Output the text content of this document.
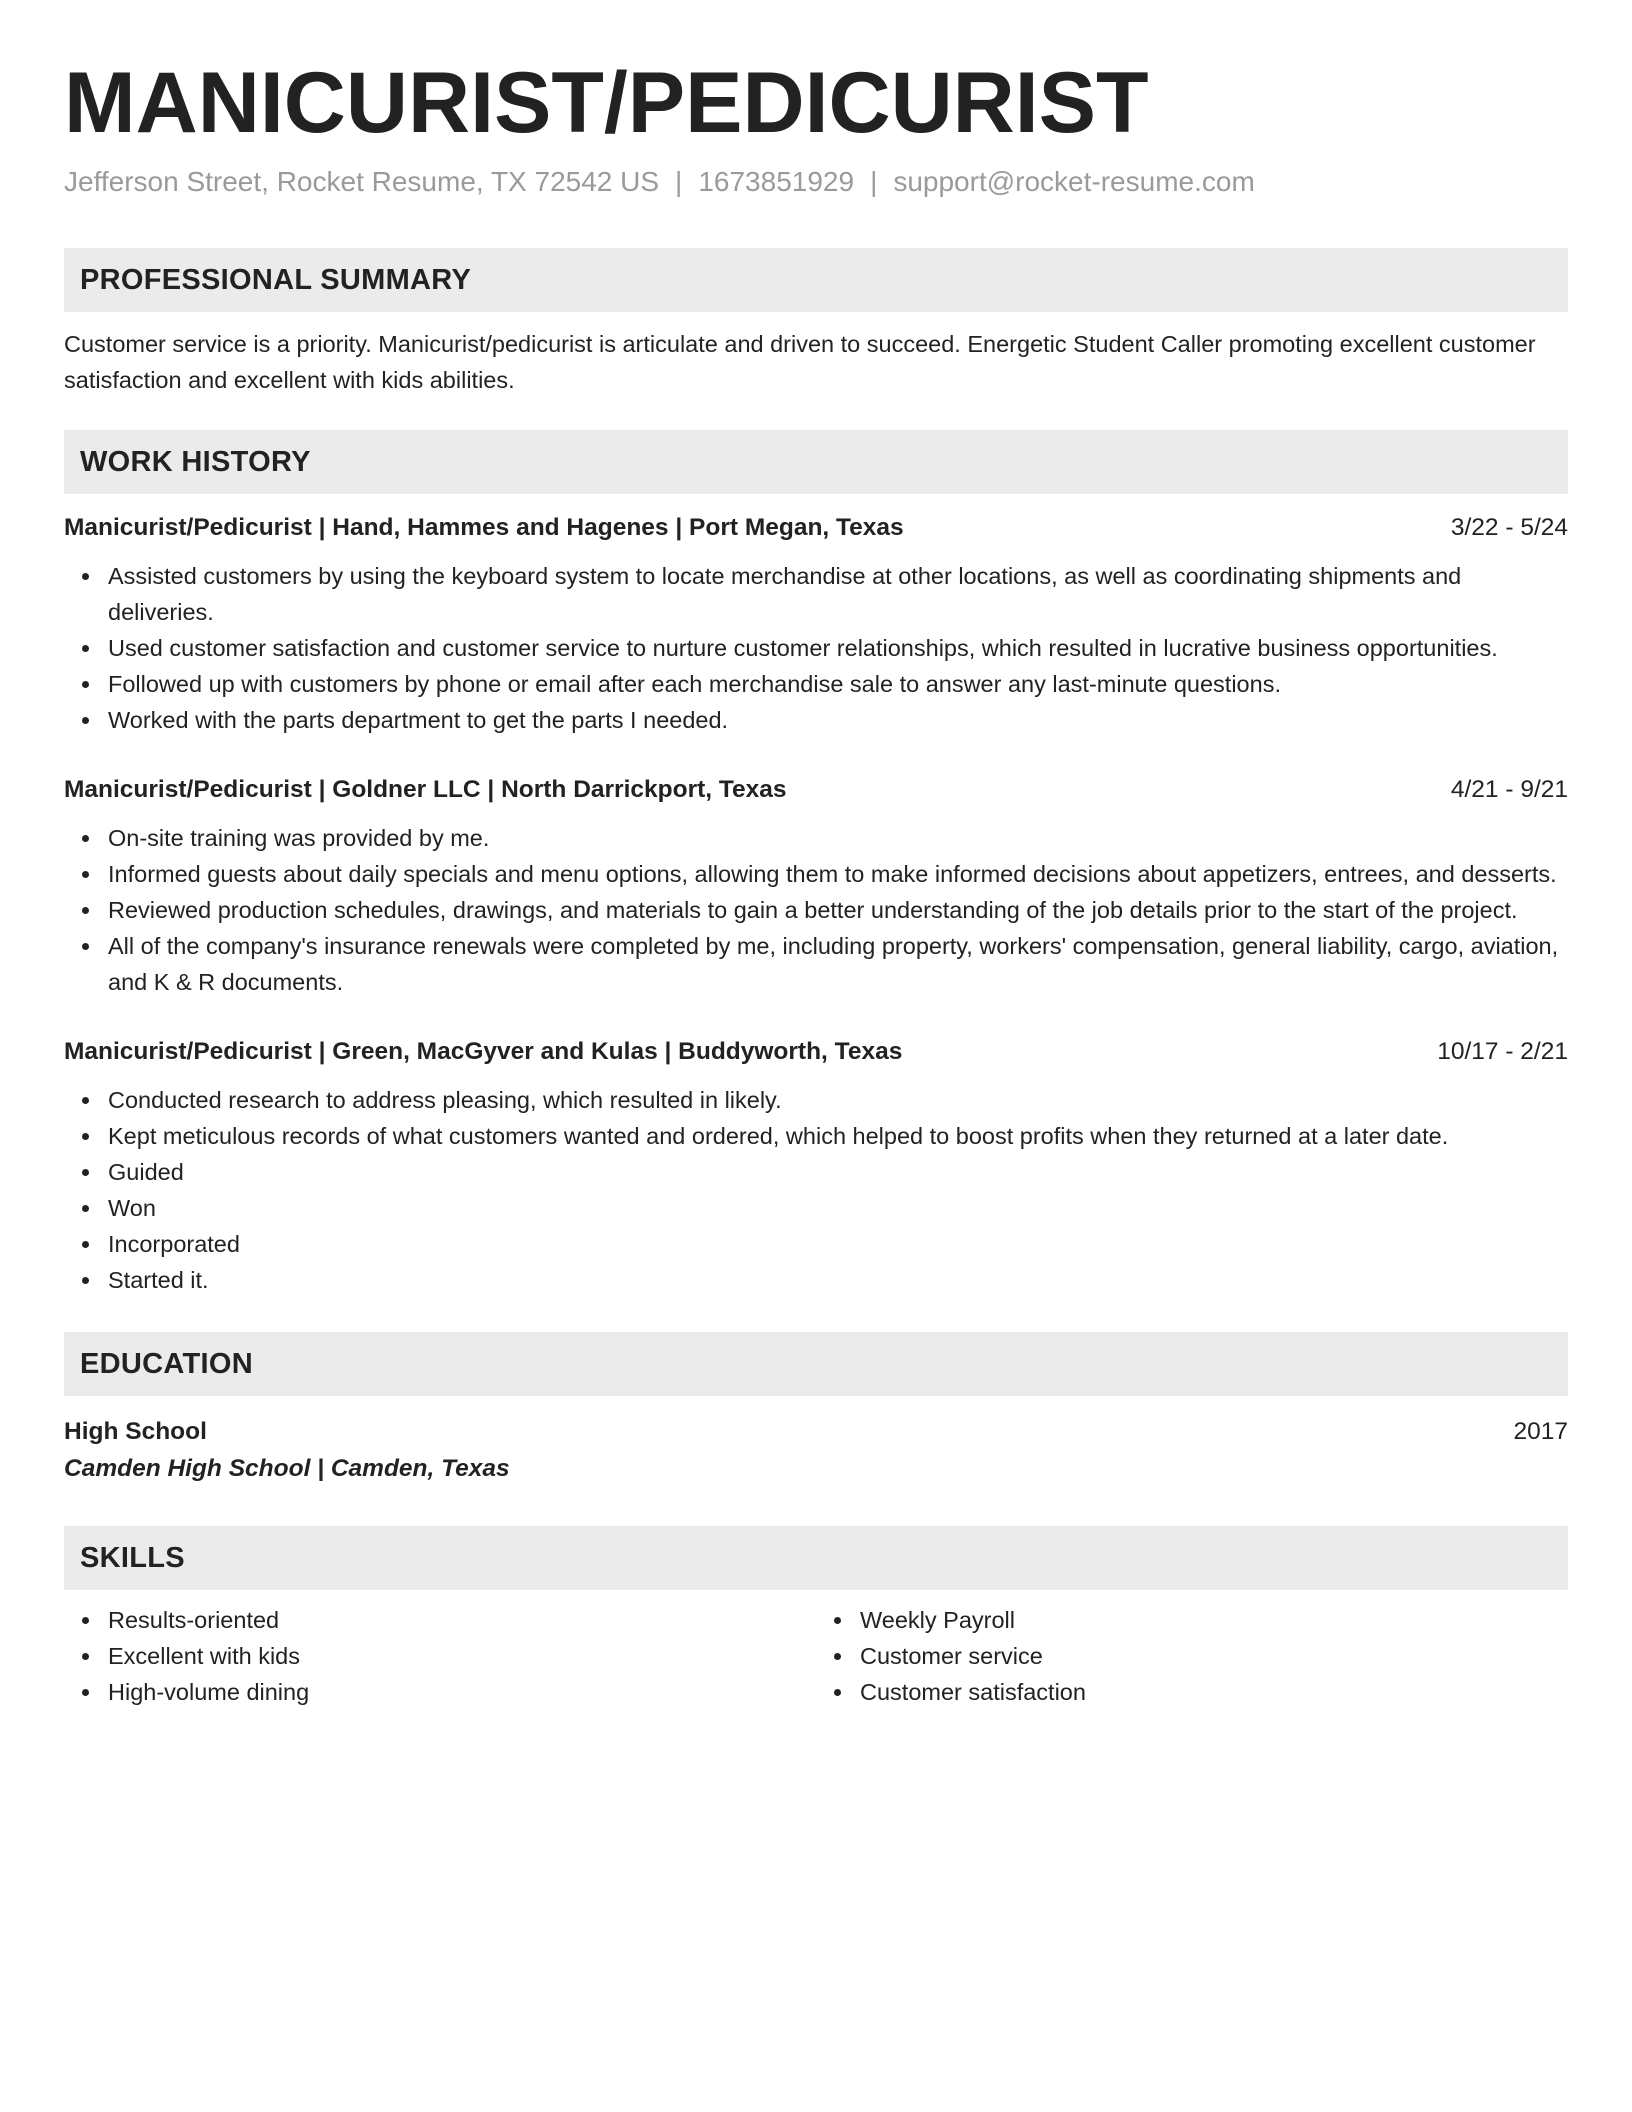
MANICURIST/PEDICURIST
Jefferson Street, Rocket Resume, TX 72542 US | 1673851929 | support@rocket-resume.com
PROFESSIONAL SUMMARY
Customer service is a priority. Manicurist/pedicurist is articulate and driven to succeed. Energetic Student Caller promoting excellent customer satisfaction and excellent with kids abilities.
WORK HISTORY
Manicurist/Pedicurist | Hand, Hammes and Hagenes | Port Megan, Texas	3/22 - 5/24
Assisted customers by using the keyboard system to locate merchandise at other locations, as well as coordinating shipments and deliveries.
Used customer satisfaction and customer service to nurture customer relationships, which resulted in lucrative business opportunities.
Followed up with customers by phone or email after each merchandise sale to answer any last-minute questions.
Worked with the parts department to get the parts I needed.
Manicurist/Pedicurist | Goldner LLC | North Darrickport, Texas	4/21 - 9/21
On-site training was provided by me.
Informed guests about daily specials and menu options, allowing them to make informed decisions about appetizers, entrees, and desserts.
Reviewed production schedules, drawings, and materials to gain a better understanding of the job details prior to the start of the project.
All of the company's insurance renewals were completed by me, including property, workers' compensation, general liability, cargo, aviation, and K & R documents.
Manicurist/Pedicurist | Green, MacGyver and Kulas | Buddyworth, Texas	10/17 - 2/21
Conducted research to address pleasing, which resulted in likely.
Kept meticulous records of what customers wanted and ordered, which helped to boost profits when they returned at a later date.
Guided
Won
Incorporated
Started it.
EDUCATION
High School	2017
Camden High School | Camden, Texas
SKILLS
Results-oriented
Excellent with kids
High-volume dining
Weekly Payroll
Customer service
Customer satisfaction
